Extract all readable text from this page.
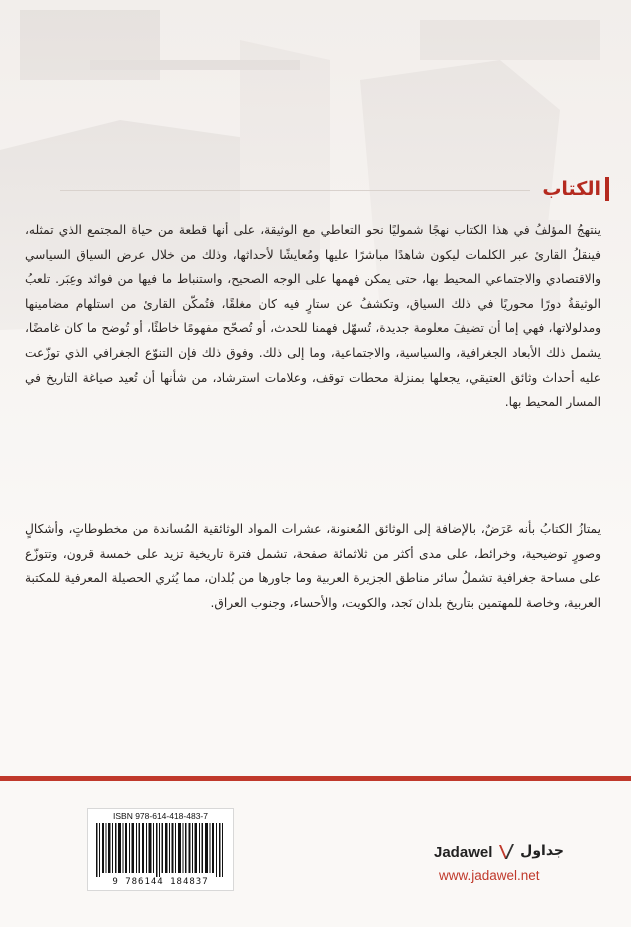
الكتاب
ينتهجُ المؤلفُ في هذا الكتاب نهجًا شموليًا نحو التعاطي مع الوثيقة، على أنها قطعة من حياة المجتمع الذي تمثله، فينقلُ القارئ عبر الكلمات ليكون شاهدًا مباشرًا عليها ومُعايشًا لأحداثها، وذلك من خلال عرض السياق السياسي والاقتصادي والاجتماعي المحيط بها، حتى يمكن فهمها على الوجه الصحيح، واستنباط ما فيها من فوائد وعِبَر. تلعبُ الوثيقةُ دورًا محوريًا في ذلك السياق، وتكشفُ عن ستارٍ فيه كان مغلقًا، فتُمكّن القارئ من استلهام مضامينها ومدلولاتها، فهي إما أن تضيفَ معلومة جديدة، تُسهّل فهمنا للحدث، أو تُصحّح مفهومًا خاطئًا، أو تُوضح ما كان غامضًا، يشمل ذلك الأبعاد الجغرافية، والسياسية، والاجتماعية، وما إلى ذلك. وفوق ذلك فإن التنوّع الجغرافي الذي توزّعت عليه أحداث وثائق العتيقي، يجعلها بمنزلة محطات توقف، وعلامات استرشاد، من شأنها أن تُعيد صياغة التاريخ في المسار المحيط بها.
يمتازُ الكتابُ بأنه عَرَضٌ، بالإضافة إلى الوثائق المُعنونة، عشرات المواد الوثائقية المُساندة من مخطوطاتٍ، وأشكالٍ وصورٍ توضيحية، وخرائط، على مدى أكثر من ثلاثمائة صفحة، تشمل فترة تاريخية تزيد على خمسة قرون، وتتوزّع على مساحة جغرافية تشملُ سائر مناطق الجزيرة العربية وما جاورها من بُلدان، مما يُثري الحصيلة المعرفية للمكتبة العربية، وخاصة للمهتمين بتاريخ بلدان نَجد، والكويت، والأحساء، وجنوب العراق.
ISBN 978-614-418-483-7
9 786144 184837
Jadawel جداول
www.jadawel.net
